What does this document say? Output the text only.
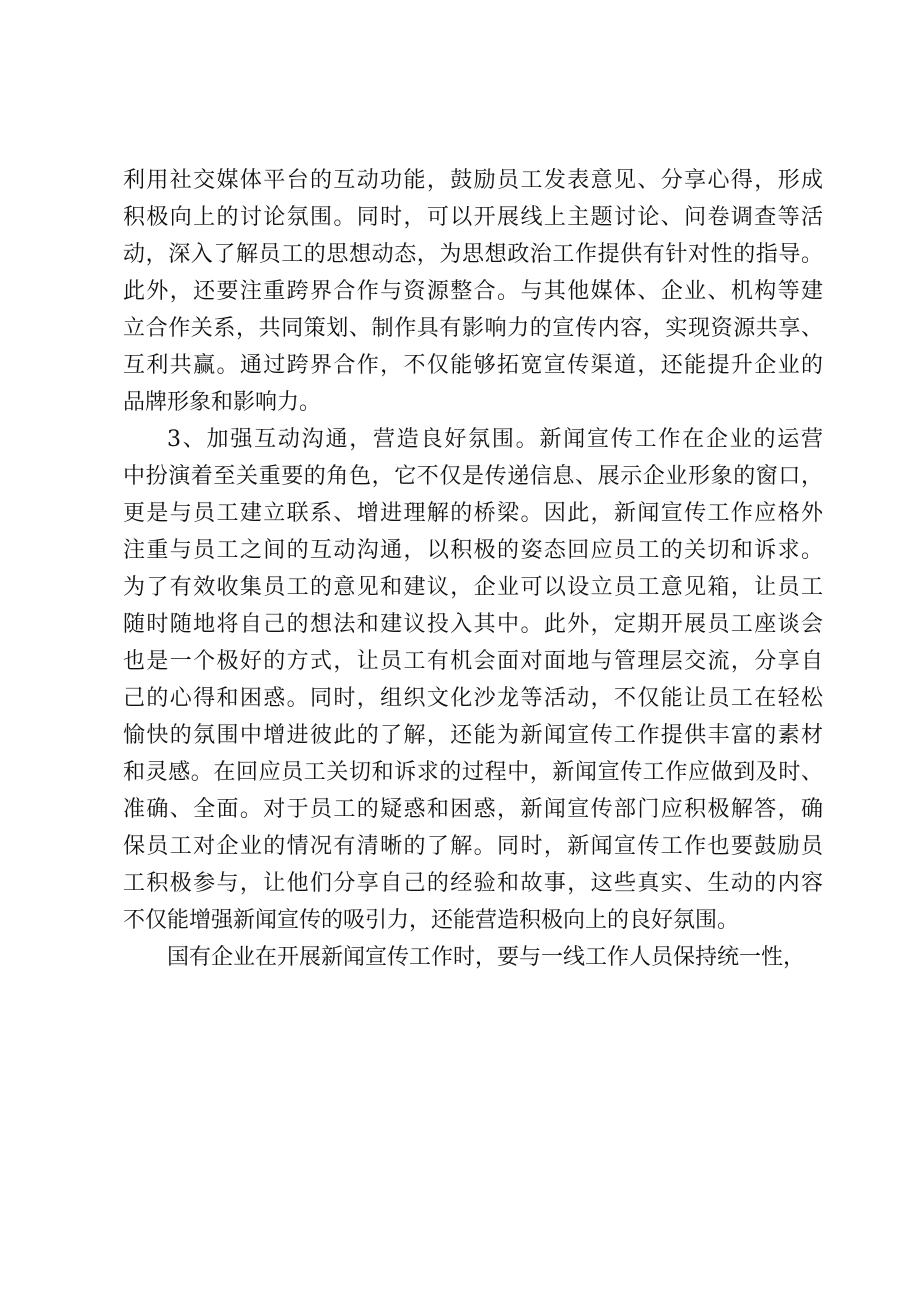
利用社交媒体平台的互动功能，鼓励员工发表意见、分享心得，形成
积极向上的讨论氛围。同时，可以开展线上主题讨论、问卷调查等活
动，深入了解员工的思想动态，为思想政治工作提供有针对性的指导。
此外，还要注重跨界合作与资源整合。与其他媒体、企业、机构等建
立合作关系，共同策划、制作具有影响力的宣传内容，实现资源共享、
互利共赢。通过跨界合作，不仅能够拓宽宣传渠道，还能提升企业的
品牌形象和影响力。
3、加强互动沟通，营造良好氛围。新闻宣传工作在企业的运营
中扮演着至关重要的角色，它不仅是传递信息、展示企业形象的窗口，
更是与员工建立联系、增进理解的桥梁。因此，新闻宣传工作应格外
注重与员工之间的互动沟通，以积极的姿态回应员工的关切和诉求。
为了有效收集员工的意见和建议，企业可以设立员工意见箱，让员工
随时随地将自己的想法和建议投入其中。此外，定期开展员工座谈会
也是一个极好的方式，让员工有机会面对面地与管理层交流，分享自
己的心得和困惑。同时，组织文化沙龙等活动，不仅能让员工在轻松
愉快的氛围中增进彼此的了解，还能为新闻宣传工作提供丰富的素材
和灵感。在回应员工关切和诉求的过程中，新闻宣传工作应做到及时、
准确、全面。对于员工的疑惑和困惑，新闻宣传部门应积极解答，确
保员工对企业的情况有清晰的了解。同时，新闻宣传工作也要鼓励员
工积极参与，让他们分享自己的经验和故事，这些真实、生动的内容
不仅能增强新闻宣传的吸引力，还能营造积极向上的良好氛围。
国有企业在开展新闻宣传工作时，要与一线工作人员保持统一性，
